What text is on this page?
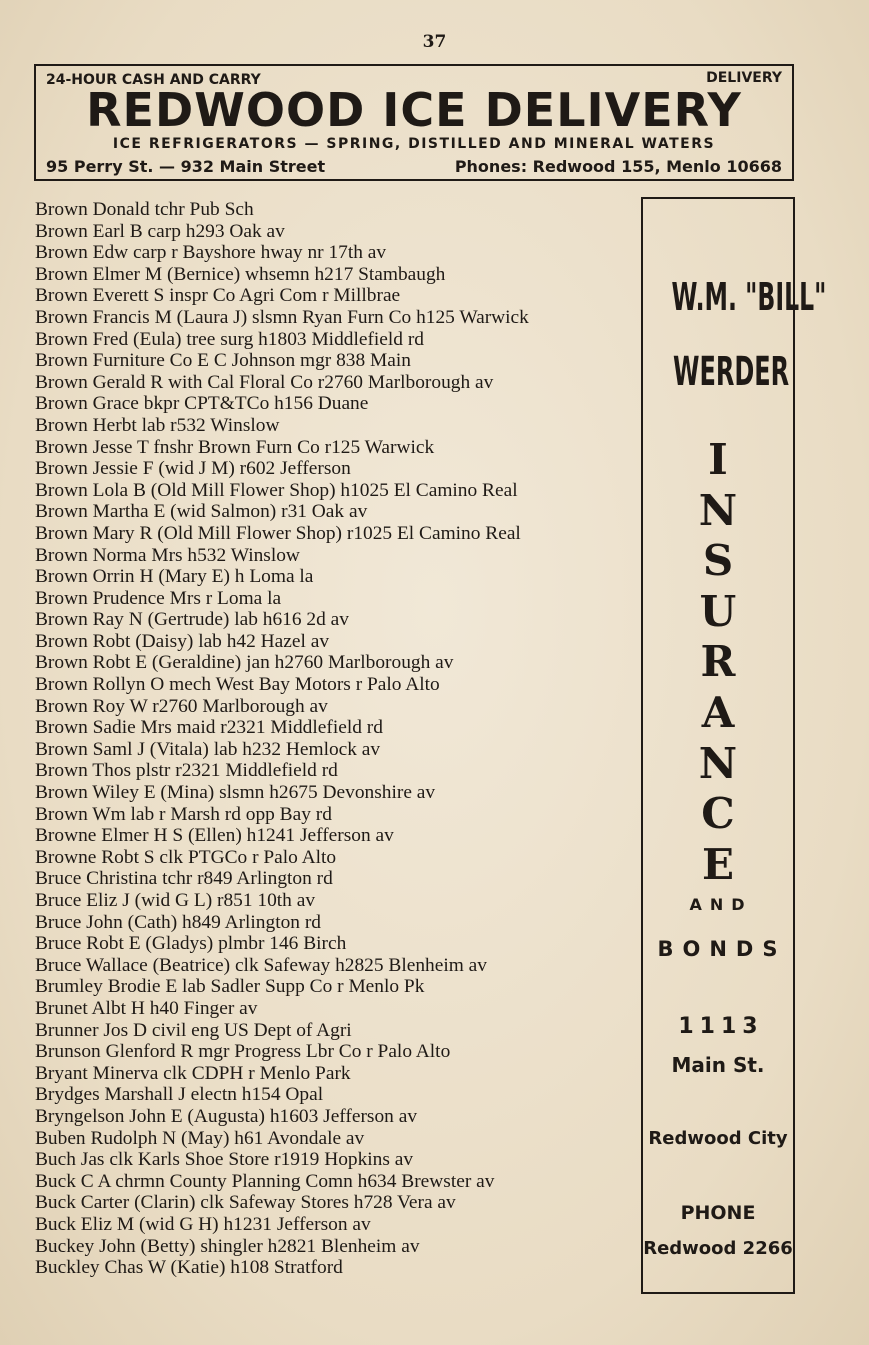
37
24-HOUR CASH AND CARRY	DELIVERY
REDWOOD ICE DELIVERY
ICE REFRIGERATORS — SPRING, DISTILLED AND MINERAL WATERS
95 Perry St. — 932 Main Street	Phones: Redwood 155, Menlo 10668
Brown Donald tchr Pub Sch
Brown Earl B carp h293 Oak av
Brown Edw carp r Bayshore hway nr 17th av
Brown Elmer M (Bernice) whsemn h217 Stambaugh
Brown Everett S inspr Co Agri Com r Millbrae
Brown Francis M (Laura J) slsmn Ryan Furn Co h125 Warwick
Brown Fred (Eula) tree surg h1803 Middlefield rd
Brown Furniture Co E C Johnson mgr 838 Main
Brown Gerald R with Cal Floral Co r2760 Marlborough av
Brown Grace bkpr CPT&TCo h156 Duane
Brown Herbt lab r532 Winslow
Brown Jesse T fnshr Brown Furn Co r125 Warwick
Brown Jessie F (wid J M) r602 Jefferson
Brown Lola B (Old Mill Flower Shop) h1025 El Camino Real
Brown Martha E (wid Salmon) r31 Oak av
Brown Mary R (Old Mill Flower Shop) r1025 El Camino Real
Brown Norma Mrs h532 Winslow
Brown Orrin H (Mary E) h Loma la
Brown Prudence Mrs r Loma la
Brown Ray N (Gertrude) lab h616 2d av
Brown Robt (Daisy) lab h42 Hazel av
Brown Robt E (Geraldine) jan h2760 Marlborough av
Brown Rollyn O mech West Bay Motors r Palo Alto
Brown Roy W r2760 Marlborough av
Brown Sadie Mrs maid r2321 Middlefield rd
Brown Saml J (Vitala) lab h232 Hemlock av
Brown Thos plstr r2321 Middlefield rd
Brown Wiley E (Mina) slsmn h2675 Devonshire av
Brown Wm lab r Marsh rd opp Bay rd
Browne Elmer H S (Ellen) h1241 Jefferson av
Browne Robt S clk PTGCo r Palo Alto
Bruce Christina tchr r849 Arlington rd
Bruce Eliz J (wid G L) r851 10th av
Bruce John (Cath) h849 Arlington rd
Bruce Robt E (Gladys) plmbr 146 Birch
Bruce Wallace (Beatrice) clk Safeway h2825 Blenheim av
Brumley Brodie E lab Sadler Supp Co r Menlo Pk
Brunet Albt H h40 Finger av
Brunner Jos D civil eng US Dept of Agri
Brunson Glenford R mgr Progress Lbr Co r Palo Alto
Bryant Minerva clk CDPH r Menlo Park
Brydges Marshall J electn h154 Opal
Bryngelson John E (Augusta) h1603 Jefferson av
Buben Rudolph N (May) h61 Avondale av
Buch Jas clk Karls Shoe Store r1919 Hopkins av
Buck C A chrmn County Planning Comn h634 Brewster av
Buck Carter (Clarin) clk Safeway Stores h728 Vera av
Buck Eliz M (wid G H) h1231 Jefferson av
Buckey John (Betty) shingler h2821 Blenheim av
Buckley Chas W (Katie) h108 Stratford
W.M. "BILL"
WERDER
I
N
S
U
R
A
N
C
E
AND
BONDS
1113
Main St.
Redwood City
PHONE
Redwood 2266
